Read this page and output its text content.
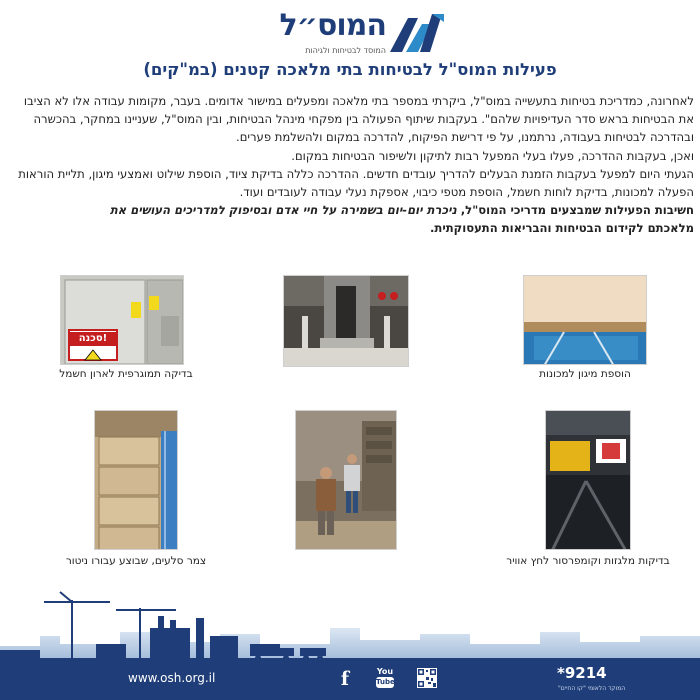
המוס״ל
המוסד לבטיחות ולגיהות
פעילות המוס"ל לבטיחות בתי מלאכה קטנים (במ"קים)

לאחרונה, כמדריכת בטיחות בתעשייה במוס"ל, ביקרתי במספר בתי מלאכה ומפעלים במישור אדומים. בעבר, מקומות עבודה אלו לא הציבו את הבטיחות בראש סדר העדיפויות שלהם". בעקבות שיתוף הפעולה בין מפקחי מינהל הבטיחות, ובין המוס"ל, שעניינו במחקר, בהכשרה ובהדרכה לבטיחות בעבודה, נרתמנו, על פי דרישת הפיקוח, להדרכה במקום ולהשלמת פערים.

ואכן, בעקבות ההדרכה, פעלו בעלי המפעל רבות לתיקון ולשיפור הבטיחות במקום.

הגעתי היום למפעל בעקבות הזמנת הבעלים להדריך עובדים חדשים. ההדרכה כללה בדיקת ציוד, הוספת שילוט ואמצעי מיגון, תליית הוראות הפעלה למכונות, בדיקת לוחות חשמל, הוספת מטפי כיבוי, אספקת נעלי עבודה לעובדים ועוד.

חשיבות הפעילות שמבצעים מדריכי המוס"ל, ניכרת יום-יום בשמירה על חיי אדם ובסיפוק למדריכים העושים את

מלאכתם לקידום הבטיחות והבריאות התעסוקתית.

סכנה!
בדיקה תמוגרפית לארון חשמל	הוספת מיגון למכונות
צמר סלעים, שבוצע עבורו ניטור	בדיקות מלגזות וקומפרסור לחץ אוויר
www.osh.org.il	f	You
Tube	*9214
המוקד הלאומי "קו החיים"
